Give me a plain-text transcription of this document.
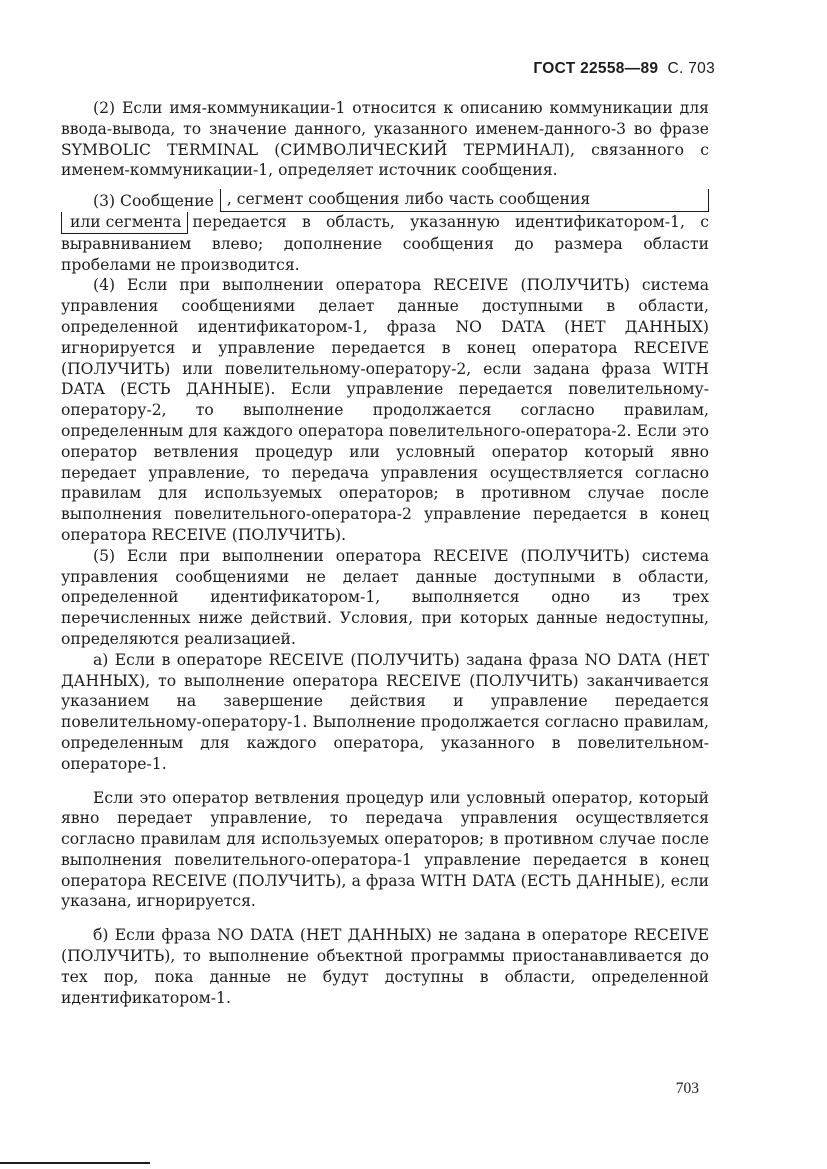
ГОСТ 22558—89 С. 703

(2) Если имя-коммуникации-1 относится к описанию коммуникации для ввода-вывода, то значение данного, указанного именем-данного-3 во фразе SYMBOLIC TERMINAL (СИМВОЛИЧЕСКИЙ ТЕРМИНАЛ), связанного с именем-коммуникации-1, определяет источник сообщения.

(3) Сообщение , сегмент сообщения либо часть сообщения

или сегмента передается в область, указанную идентификатором-1, с выравниванием влево; дополнение сообщения до размера области пробелами не производится.

(4) Если при выполнении оператора RECEIVE (ПОЛУЧИТЬ) система управления сообщениями делает данные доступными в области, определенной идентификатором-1, фраза NO DATA (НЕТ ДАННЫХ) игнорируется и управление передается в конец оператора RECEIVE (ПОЛУЧИТЬ) или повелительному-оператору-2, если задана фраза WITH DATA (ЕСТЬ ДАННЫЕ). Если управление передается повелительному-оператору-2, то выполнение продолжается согласно правилам, определенным для каждого оператора повелительного-оператора-2. Если это оператор ветвления процедур или условный оператор который явно передает управление, то передача управления осуществляется согласно правилам для используемых операторов; в противном случае после выполнения повелительного-оператора-2 управление передается в конец оператора RECEIVE (ПОЛУЧИТЬ).

(5) Если при выполнении оператора RECEIVE (ПОЛУЧИТЬ) система управления сообщениями не делает данные доступными в области, определенной идентификатором-1, выполняется одно из трех перечисленных ниже действий. Условия, при которых данные недоступны, определяются реализацией.

а) Если в операторе RECEIVE (ПОЛУЧИТЬ) задана фраза NO DATA (НЕТ ДАННЫХ), то выполнение оператора RECEIVE (ПОЛУЧИТЬ) заканчивается указанием на завершение действия и управление передается повелительному-оператору-1. Выполнение продолжается согласно правилам, определенным для каждого оператора, указанного в повелительном-операторе-1.

Если это оператор ветвления процедур или условный оператор, который явно передает управление, то передача управления осуществляется согласно правилам для используемых операторов; в противном случае после выполнения повелительного-оператора-1 управление передается в конец оператора RECEIVE (ПОЛУЧИТЬ), а фраза WITH DATA (ЕСТЬ ДАННЫЕ), если указана, игнорируется.

б) Если фраза NO DATA (НЕТ ДАННЫХ) не задана в операторе RECEIVE (ПОЛУЧИТЬ), то выполнение объектной программы приостанавливается до тех пор, пока данные не будут доступны в области, определенной идентификатором-1.

703
